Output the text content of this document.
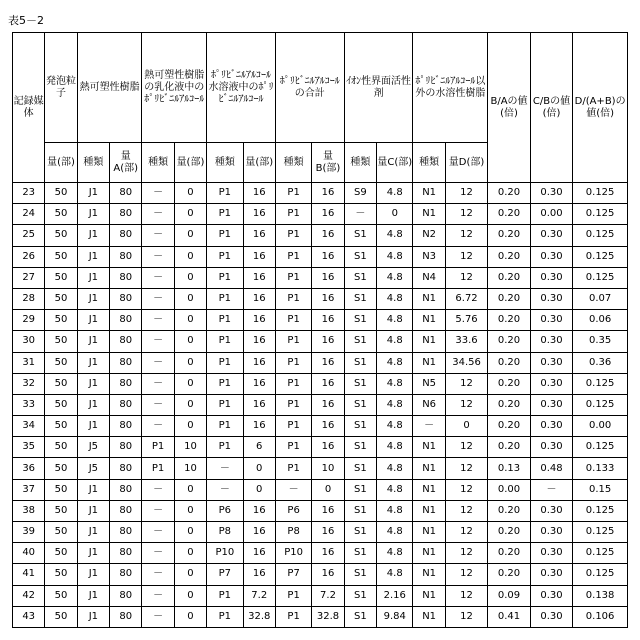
表5－2
記録媒体	発泡粒子	熱可塑性樹脂	熱可塑性樹脂の乳化液中のﾎﾟﾘﾋﾞﾆﾙｱﾙｺｰﾙ	ﾎﾟﾘﾋﾞﾆﾙｱﾙｺｰﾙ水溶液中のﾎﾟﾘﾋﾞﾆﾙｱﾙｺｰﾙ	ﾎﾟﾘﾋﾞﾆﾙｱﾙｺｰﾙの合計	ｲｵﾝ性界面活性剤	ﾎﾟﾘﾋﾞﾆﾙｱﾙｺｰﾙ以外の水溶性樹脂	B/Aの値(倍)	C/Bの値(倍)	D/(A+B)の値(倍)
量(部)	種類	量A(部)	種類	量(部)	種類	量(部)	種類	量B(部)	種類	量C(部)	種類	量D(部)
23	50	J1	80	－	0	P1	16	P1	16	S9	4.8	N1	12	0.20	0.30	0.125
24	50	J1	80	－	0	P1	16	P1	16	－	0	N1	12	0.20	0.00	0.125
25	50	J1	80	－	0	P1	16	P1	16	S1	4.8	N2	12	0.20	0.30	0.125
26	50	J1	80	－	0	P1	16	P1	16	S1	4.8	N3	12	0.20	0.30	0.125
27	50	J1	80	－	0	P1	16	P1	16	S1	4.8	N4	12	0.20	0.30	0.125
28	50	J1	80	－	0	P1	16	P1	16	S1	4.8	N1	6.72	0.20	0.30	0.07
29	50	J1	80	－	0	P1	16	P1	16	S1	4.8	N1	5.76	0.20	0.30	0.06
30	50	J1	80	－	0	P1	16	P1	16	S1	4.8	N1	33.6	0.20	0.30	0.35
31	50	J1	80	－	0	P1	16	P1	16	S1	4.8	N1	34.56	0.20	0.30	0.36
32	50	J1	80	－	0	P1	16	P1	16	S1	4.8	N5	12	0.20	0.30	0.125
33	50	J1	80	－	0	P1	16	P1	16	S1	4.8	N6	12	0.20	0.30	0.125
34	50	J1	80	－	0	P1	16	P1	16	S1	4.8	－	0	0.20	0.30	0.00
35	50	J5	80	P1	10	P1	6	P1	16	S1	4.8	N1	12	0.20	0.30	0.125
36	50	J5	80	P1	10	－	0	P1	10	S1	4.8	N1	12	0.13	0.48	0.133
37	50	J1	80	－	0	－	0	－	0	S1	4.8	N1	12	0.00	－	0.15
38	50	J1	80	－	0	P6	16	P6	16	S1	4.8	N1	12	0.20	0.30	0.125
39	50	J1	80	－	0	P8	16	P8	16	S1	4.8	N1	12	0.20	0.30	0.125
40	50	J1	80	－	0	P10	16	P10	16	S1	4.8	N1	12	0.20	0.30	0.125
41	50	J1	80	－	0	P7	16	P7	16	S1	4.8	N1	12	0.20	0.30	0.125
42	50	J1	80	－	0	P1	7.2	P1	7.2	S1	2.16	N1	12	0.09	0.30	0.138
43	50	J1	80	－	0	P1	32.8	P1	32.8	S1	9.84	N1	12	0.41	0.30	0.106
